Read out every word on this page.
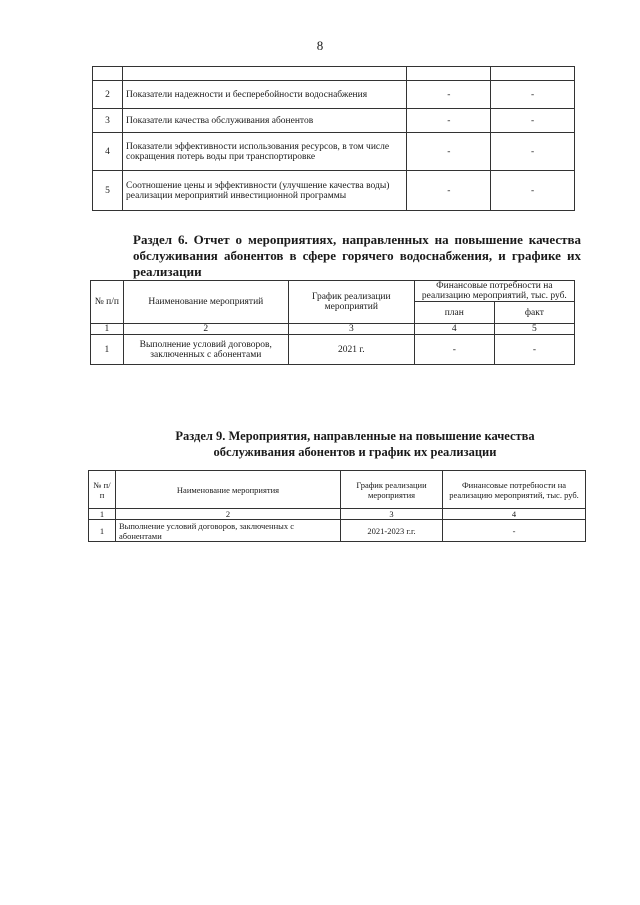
8

2	Показатели надежности и бесперебойности водоснабжения	-	-
3	Показатели качества обслуживания абонентов	-	-
4	Показатели эффективности использования ресурсов, в том числе сокращения потерь воды при транспортировке	-	-
5	Соотношение цены и эффективности (улучшение качества воды) реализации мероприятий инвестиционной программы	-	-
Раздел 6. Отчет о мероприятиях, направленных на повышение качества обслуживания абонентов в сфере горячего водоснабжения, и графике их реализации
№ п/п	Наименование мероприятий	График реализации мероприятий	Финансовые потребности на реализацию мероприятий, тыс. руб.	
			план	факт
1	2	3	4	5
1	Выполнение условий договоров, заключенных с абонентами	2021 г.	-	-
Раздел 9. Мероприятия, направленные на повышение качества
обслуживания абонентов и график их реализации
№ п/п	Наименование мероприятия	График реализации мероприятия	Финансовые потребности на реализацию мероприятий, тыс. руб.
1	2	3	4
1	Выполнение условий договоров, заключенных с абонентами	2021-2023 г.г.	-
